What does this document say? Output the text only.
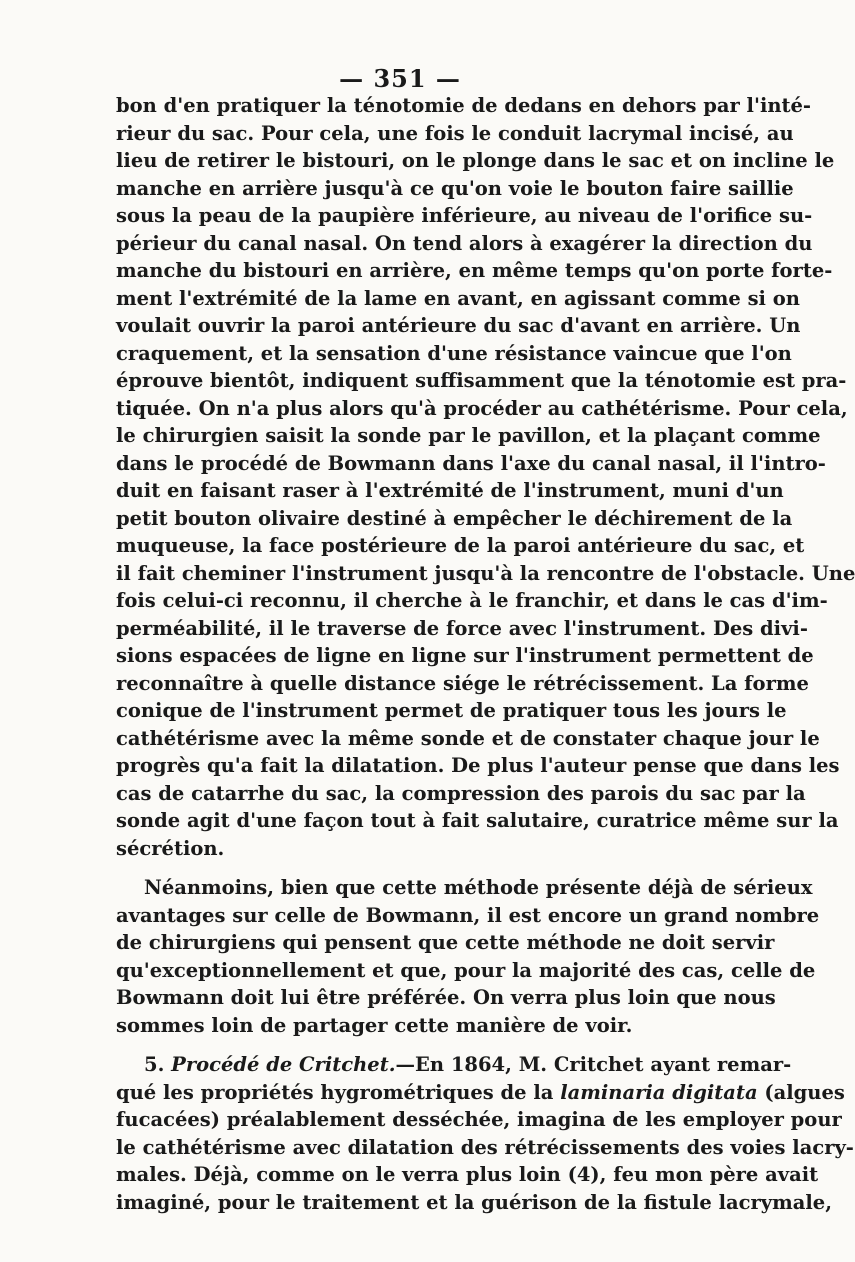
— 351 —
bon d'en pratiquer la ténotomie de dedans en dehors par l'inté-
rieur du sac. Pour cela, une fois le conduit lacrymal incisé, au
lieu de retirer le bistouri, on le plonge dans le sac et on incline le
manche en arrière jusqu'à ce qu'on voie le bouton faire saillie
sous la peau de la paupière inférieure, au niveau de l'orifice su-
périeur du canal nasal. On tend alors à exagérer la direction du
manche du bistouri en arrière, en même temps qu'on porte forte-
ment l'extrémité de la lame en avant, en agissant comme si on
voulait ouvrir la paroi antérieure du sac d'avant en arrière. Un
craquement, et la sensation d'une résistance vaincue que l'on
éprouve bientôt, indiquent suffisamment que la ténotomie est pra-
tiquée. On n'a plus alors qu'à procéder au cathétérisme. Pour cela,
le chirurgien saisit la sonde par le pavillon, et la plaçant comme
dans le procédé de Bowmann dans l'axe du canal nasal, il l'intro-
duit en faisant raser à l'extrémité de l'instrument, muni d'un
petit bouton olivaire destiné à empêcher le déchirement de la
muqueuse, la face postérieure de la paroi antérieure du sac, et
il fait cheminer l'instrument jusqu'à la rencontre de l'obstacle. Une
fois celui-ci reconnu, il cherche à le franchir, et dans le cas d'im-
perméabilité, il le traverse de force avec l'instrument. Des divi-
sions espacées de ligne en ligne sur l'instrument permettent de
reconnaître à quelle distance siége le rétrécissement. La forme
conique de l'instrument permet de pratiquer tous les jours le
cathétérisme avec la même sonde et de constater chaque jour le
progrès qu'a fait la dilatation. De plus l'auteur pense que dans les
cas de catarrhe du sac, la compression des parois du sac par la
sonde agit d'une façon tout à fait salutaire, curatrice même sur la
sécrétion.
Néanmoins, bien que cette méthode présente déjà de sérieux
avantages sur celle de Bowmann, il est encore un grand nombre
de chirurgiens qui pensent que cette méthode ne doit servir
qu'exceptionnellement et que, pour la majorité des cas, celle de
Bowmann doit lui être préférée. On verra plus loin que nous
sommes loin de partager cette manière de voir.
5. Procédé de Critchet.—En 1864, M. Critchet ayant remar-
qué les propriétés hygrométriques de la laminaria digitata (algues
fucacées) préalablement desséchée, imagina de les employer pour
le cathétérisme avec dilatation des rétrécissements des voies lacry-
males. Déjà, comme on le verra plus loin (4), feu mon père avait
imaginé, pour le traitement et la guérison de la fistule lacrymale,
